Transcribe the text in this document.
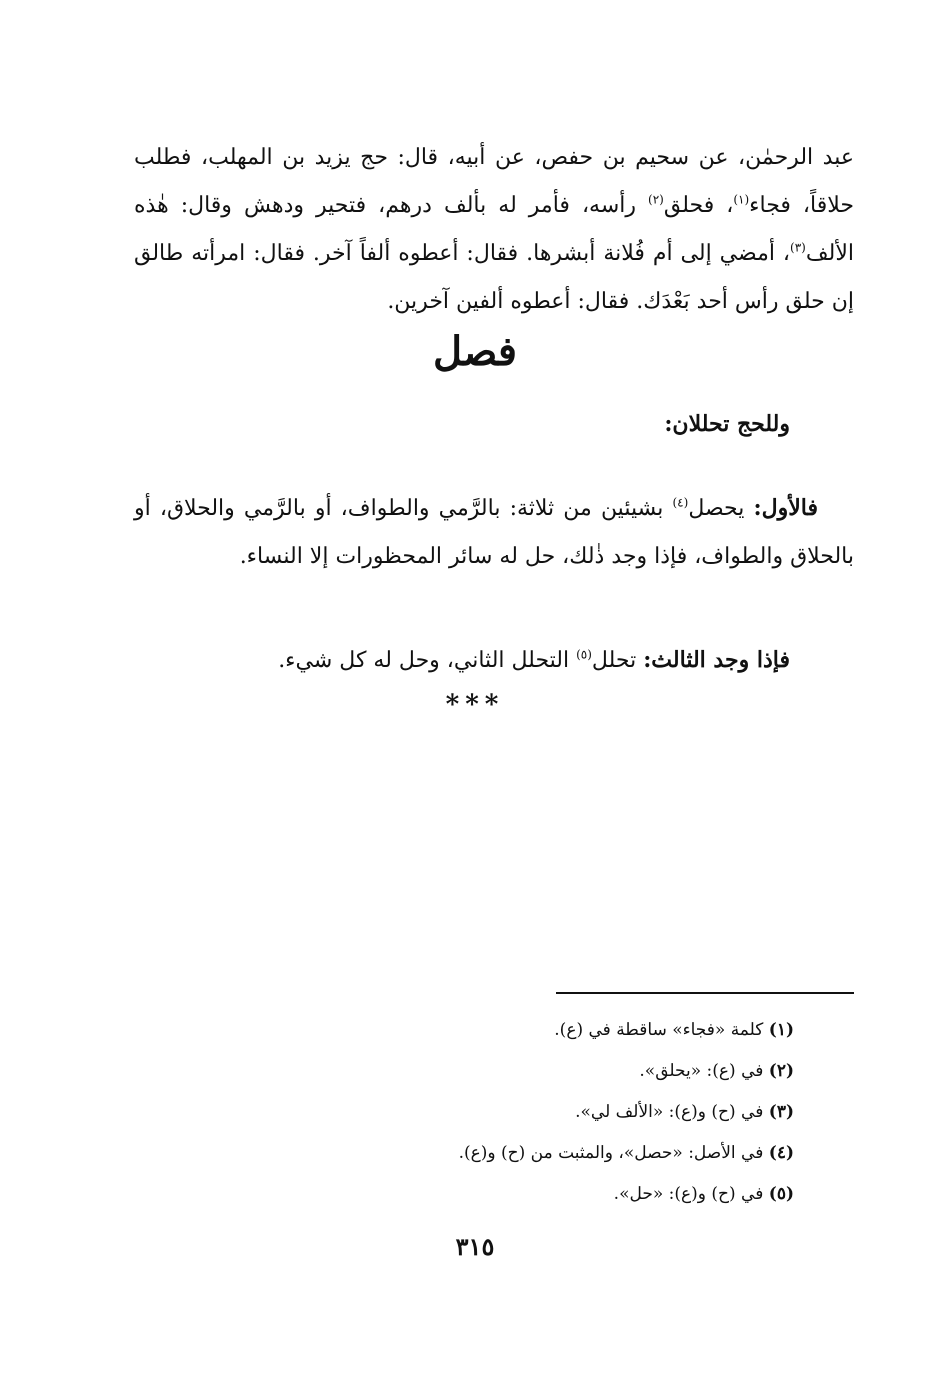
عبد الرحمٰن، عن سحيم بن حفص، عن أبيه، قال: حج يزيد بن المهلب، فطلب حلاقاً، فجاء$^{(١)}$، فحلق$^{(٢)}$ رأسه، فأمر له بألف درهم، فتحير ودهش وقال: هٰذه الألف$^{(٣)}$، أمضي إلى أم فُلانة أبشرها. فقال: أعطوه ألفاً آخر. فقال: امرأته طالق إن حلق رأس أحد بَعْدَك. فقال: أعطوه ألفين آخرين.

فصل
وللحج تحللان:

فالأول: يحصل$^{(٤)}$ بشيئين من ثلاثة: بالرَّمي والطواف، أو بالرَّمي والحلاق، أو بالحلاق والطواف، فإذا وجد ذٰلك، حل له سائر المحظورات إلا النساء.

فإذا وجد الثالث: تحلل$^{(٥)}$ التحلل الثاني، وحل له كل شيء.

***
(١) كلمة «فجاء» ساقطة في (ع).
(٢) في (ع): «يحلق».
(٣) في (ح) و(ع): «الألف لي».
(٤) في الأصل: «حصل»، والمثبت من (ح) و(ع).
(٥) في (ح) و(ع): «حل».
٣١٥
